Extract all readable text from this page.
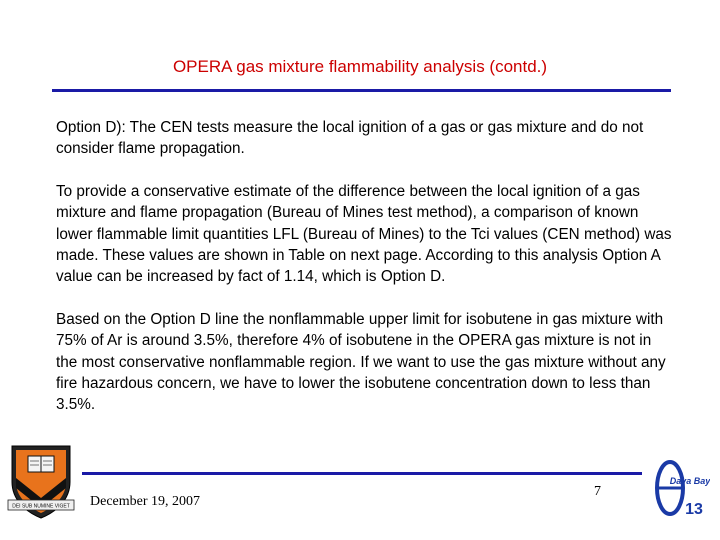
OPERA gas mixture flammability analysis (contd.)

Option D): The CEN tests measure the local ignition of a gas or gas mixture and do not consider flame propagation.

To provide a conservative estimate of the difference between the local ignition of a gas mixture and flame propagation (Bureau of Mines test method), a comparison of known lower flammable limit quantities LFL (Bureau of Mines) to the Tci values (CEN method) was made. These values are shown in Table on next page. According to this analysis Option A value can be increased by fact of 1.14, which is Option D.

Based on the Option D line the nonflammable upper limit for isobutene in gas mixture with 75% of Ar is around 3.5%, therefore 4% of isobutene in the OPERA gas mixture is not in the most conservative nonflammable region. If we want to use the gas mixture without any fire hazardous concern, we have to lower the isobutene concentration down to less than 3.5%.

DEI SUB NUMINE VIGET December 19, 2007
7
Daya Bay
13
